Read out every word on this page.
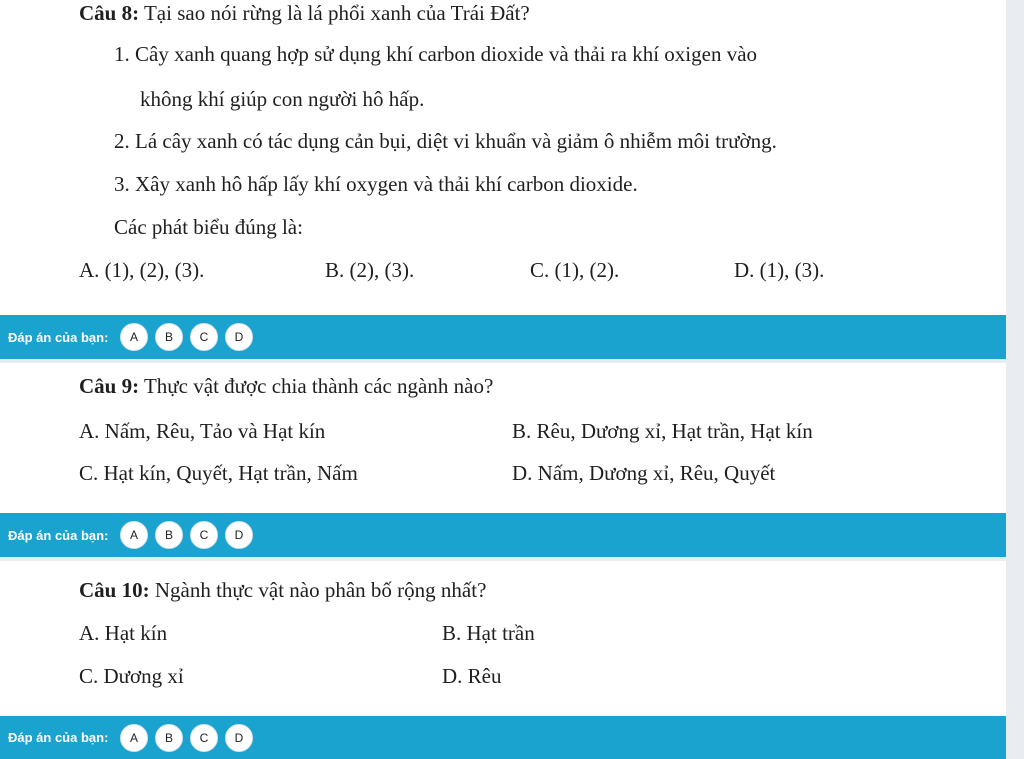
Câu 8: Tại sao nói rừng là lá phổi xanh của Trái Đất?
1. Cây xanh quang hợp sử dụng khí carbon dioxide và thải ra khí oxigen vào
không khí giúp con người hô hấp.
2. Lá cây xanh có tác dụng cản bụi, diệt vi khuẩn và giảm ô nhiễm môi trường.
3. Xây xanh hô hấp lấy khí oxygen và thải khí carbon dioxide.
Các phát biểu đúng là:
A. (1), (2), (3).	B. (2), (3).	C. (1), (2).	D. (1), (3).
Đáp án của bạn:	A	B	C	D
Câu 9: Thực vật được chia thành các ngành nào?
A. Nấm, Rêu, Tảo và Hạt kín	B. Rêu, Dương xỉ, Hạt trần, Hạt kín
C. Hạt kín, Quyết, Hạt trần, Nấm	D. Nấm, Dương xỉ, Rêu, Quyết
Đáp án của bạn:	A	B	C	D
Câu 10: Ngành thực vật nào phân bố rộng nhất?
A. Hạt kín	B. Hạt trần
C. Dương xỉ	D. Rêu
Đáp án của bạn:	A	B	C	D
